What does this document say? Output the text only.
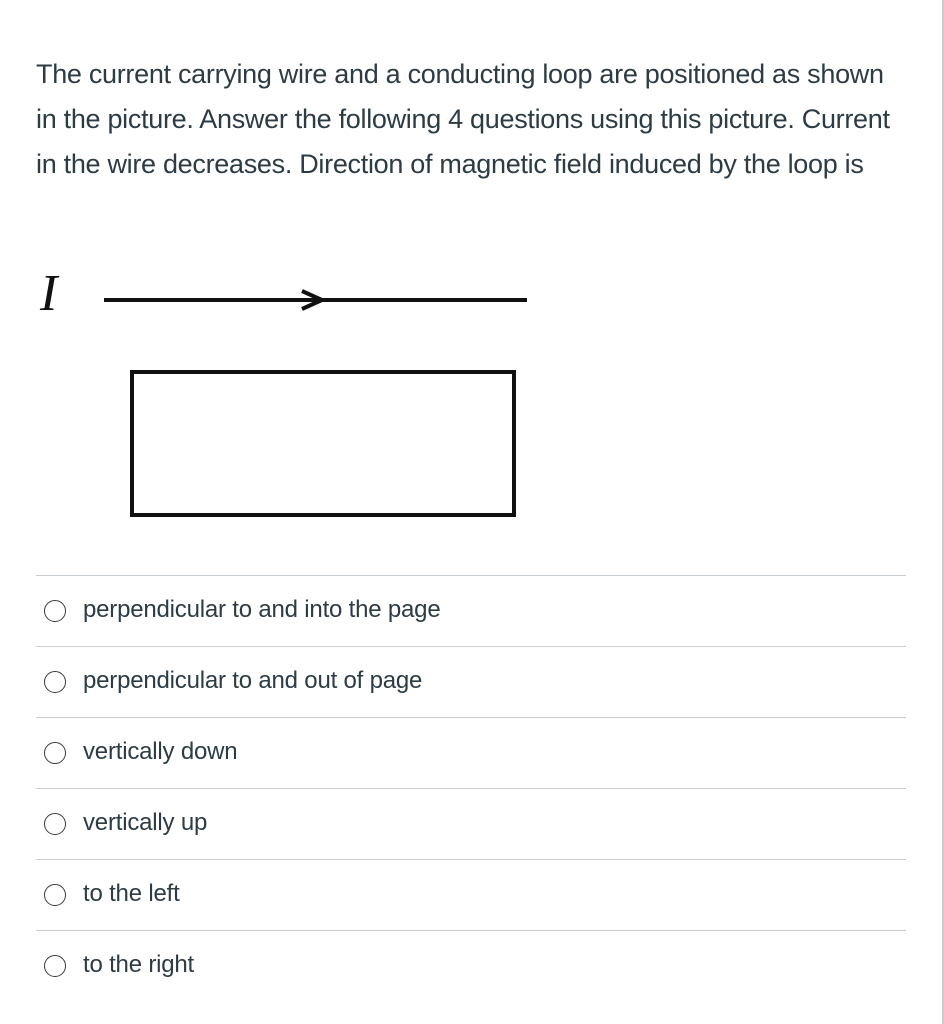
The current carrying wire and a conducting loop are positioned as shown in the picture. Answer the following 4 questions using this picture. Current in the wire decreases. Direction of magnetic field induced by the loop is
I
perpendicular to and into the page
perpendicular to and out of page
vertically down
vertically up
to the left
to the right
